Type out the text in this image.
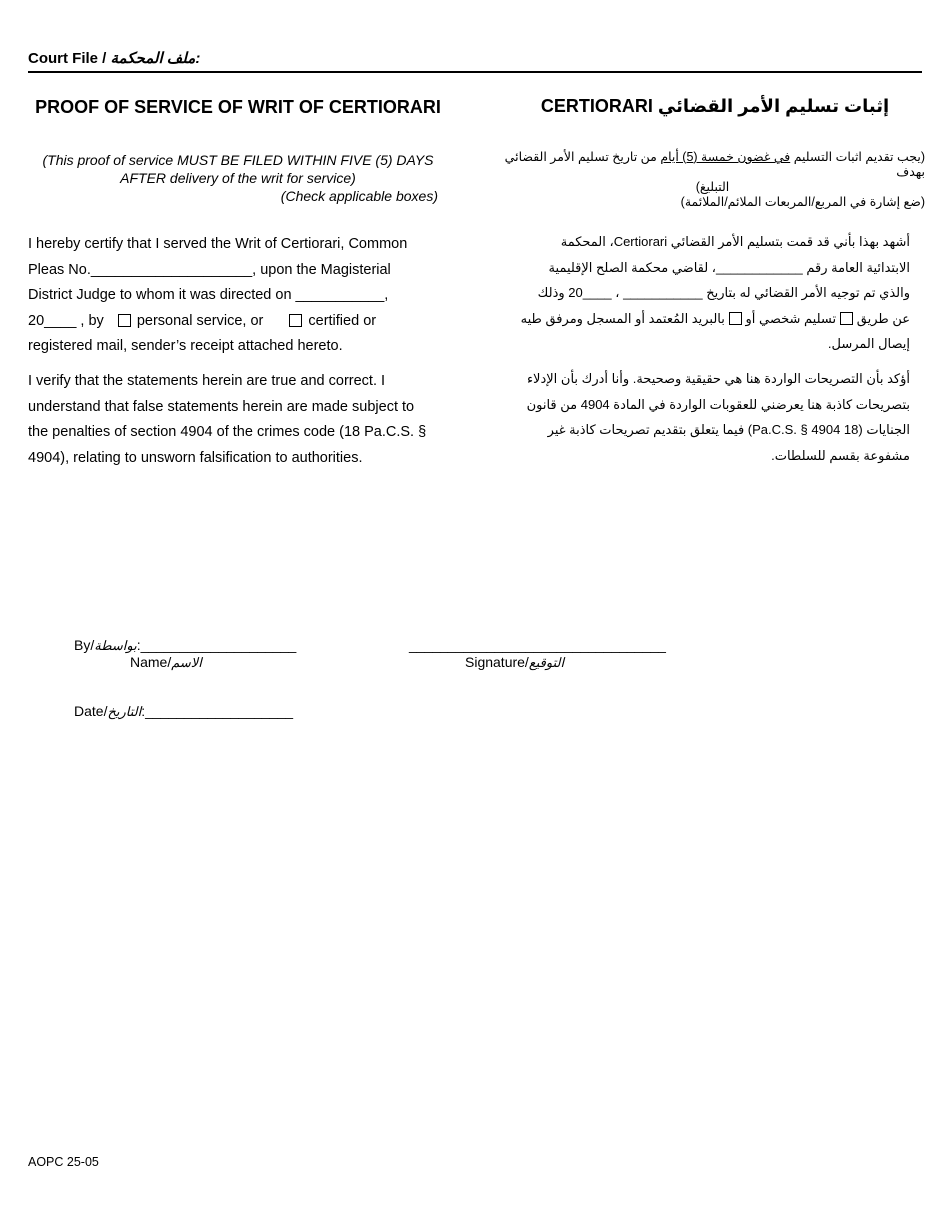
Court File / ملف المحكمة:
PROOF OF SERVICE OF WRIT OF CERTIORARI	إثبات تسليم الأمر القضائي CERTIORARI
(This proof of service MUST BE FILED WITHIN FIVE (5) DAYS AFTER delivery of the writ for service)
(Check applicable boxes)
(يجب تقديم اثبات التسليم في غضون خمسة (5) أيام من تاريخ تسليم الأمر القضائي بهدف
التبليغ)
(ضع إشارة في المربع/المربعات الملائم/الملائمة)
I hereby certify that I served the Writ of Certiorari, Common Pleas No.____________________, upon the Magisterial District Judge to whom it was directed on ___________, 20____ , by personal service, or	certified or registered mail, sender’s receipt attached hereto.
I verify that the statements herein are true and correct. I understand that false statements herein are made subject to the penalties of section 4904 of the crimes code (18 Pa.C.S. § 4904), relating to unsworn falsification to authorities.
أشهد بهذا بأني قد قمت بتسليم الأمر القضائي Certiorari، المحكمة الابتدائية العامة رقم ____________، لقاضي محكمة الصلح الإقليمية والذي تم توجيه الأمر القضائي له بتاريخ ___________ ، ____20 وذلك عن طريق تسليم شخصي أو بالبريد المُعتمد أو المسجل ومرفق طيه إيصال المرسل.
أؤكد بأن التصريحات الواردة هنا هي حقيقية وصحيحة. وأنا أدرك بأن الإدلاء بتصريحات كاذبة هنا يعرضني للعقوبات الواردة في المادة 4904 من قانون الجنايات (18 Pa.C.S. § 4904) فيما يتعلق بتقديم تصريحات كاذبة غير مشفوعة بقسم للسلطات.
By/بواسطة:____________________
Name/الاسم
_________________________________
Signature/التوقيع
Date/التاريخ:___________________
AOPC 25-05
